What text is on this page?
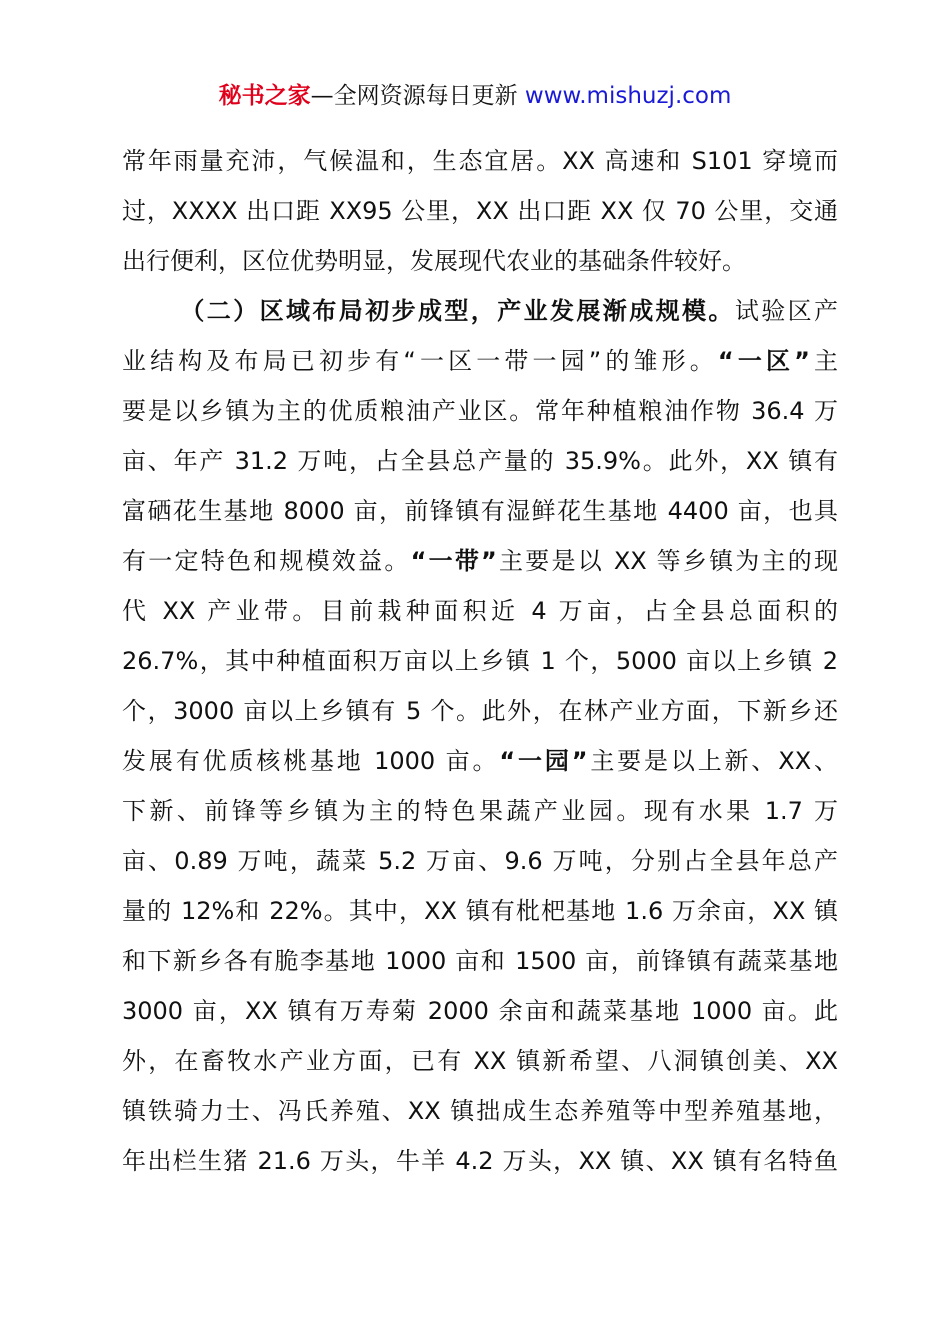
秘书之家—全网资源每日更新 www.mishuzj.com
常年雨量充沛，气候温和，生态宜居。XX 高速和 S101 穿境而
过，XXXX 出口距 XX95 公里，XX 出口距 XX 仅 70 公里，交通
出行便利，区位优势明显，发展现代农业的基础条件较好。
（二）区域布局初步成型，产业发展渐成规模。试验区产
业结构及布局已初步有“一区一带一园”的雏形。“一区”主
要是以乡镇为主的优质粮油产业区。常年种植粮油作物 36.4 万
亩、年产 31.2 万吨，占全县总产量的 35.9%。此外，XX 镇有
富硒花生基地 8000 亩，前锋镇有湿鲜花生基地 4400 亩，也具
有一定特色和规模效益。“一带”主要是以 XX 等乡镇为主的现
代 XX 产业带。目前栽种面积近 4 万亩，占全县总面积的
26.7%，其中种植面积万亩以上乡镇 1 个，5000 亩以上乡镇 2
个，3000 亩以上乡镇有 5 个。此外，在林产业方面，下新乡还
发展有优质核桃基地 1000 亩。“一园”主要是以上新、XX、
下新、前锋等乡镇为主的特色果蔬产业园。现有水果 1.7 万
亩、0.89 万吨，蔬菜 5.2 万亩、9.6 万吨，分别占全县年总产
量的 12%和 22%。其中，XX 镇有枇杷基地 1.6 万余亩，XX 镇
和下新乡各有脆李基地 1000 亩和 1500 亩，前锋镇有蔬菜基地
3000 亩，XX 镇有万寿菊 2000 余亩和蔬菜基地 1000 亩。此
外，在畜牧水产业方面，已有 XX 镇新希望、八洞镇创美、XX
镇铁骑力士、冯氏养殖、XX 镇拙成生态养殖等中型养殖基地，
年出栏生猪 21.6 万头，牛羊 4.2 万头，XX 镇、XX 镇有名特鱼
